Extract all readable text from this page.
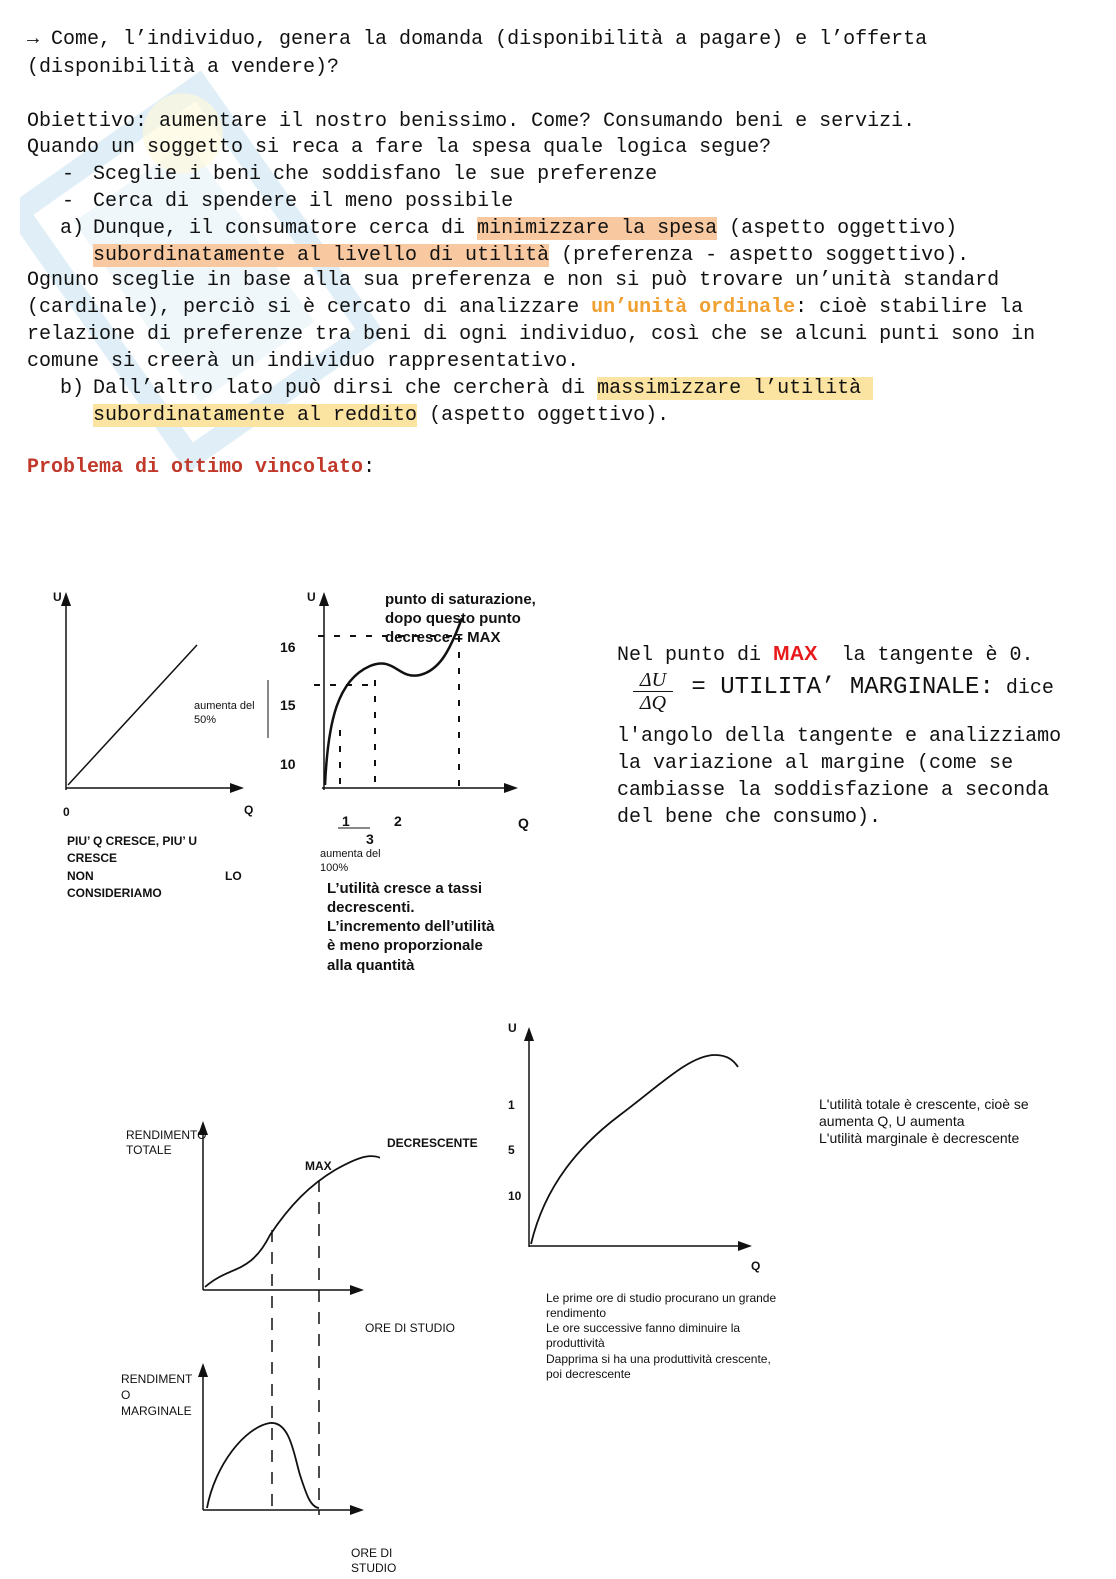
→ Come, l’individuo, genera la domanda (disponibilità a pagare) e l’offerta
(disponibilità a vendere)?
Obiettivo: aumentare il nostro benissimo. Come? Consumando beni e servizi.
Quando un soggetto si reca a fare la spesa quale logica segue?
- Sceglie i beni che soddisfano le sue preferenze
- Cerca di spendere il meno possibile
a) Dunque, il consumatore cerca di minimizzare la spesa (aspetto oggettivo)
subordinatamente al livello di utilità (preferenza - aspetto soggettivo).
Ognuno sceglie in base alla sua preferenza e non si può trovare un’unità standard
(cardinale), perciò si è cercato di analizzare un’unità ordinale: cioè stabilire la
relazione di preferenze tra beni di ogni individuo, così che se alcuni punti sono in
comune si creerà un individuo rappresentativo.
b) Dall’altro lato può dirsi che cercherà di massimizzare l’utilità
subordinatamente al reddito (aspetto oggettivo).
Problema di ottimo vincolato:
U
Q
0
aumenta del 50%
PIU’ Q CRESCE, PIU’ U
CRESCE
NON	LO
CONSIDERIAMO
U
Q
16
15
10
1	2
3
punto di saturazione,
dopo questo punto
decresce = MAX
aumenta del 100%
L’utilità cresce a tassi
decrescenti.
L’incremento dell’utilità
è meno proporzionale
alla quantità
Nel punto di MAX  la tangente è 0.
$\frac{\Delta U}{\Delta Q}$ = UTILITA’ MARGINALE: dice
l'angolo della tangente e analizziamo
la variazione al margine (come se
cambiasse la soddisfazione a seconda
del bene che consumo).
RENDIMENTO
TOTALE	DECRESCENTE
MAX
ORE DI STUDIO
RENDIMENT
O
MARGINALE
ORE DI
STUDIO
U
Q
1
5
10
Le prime ore di studio procurano un grande
rendimento
Le ore successive fanno diminuire la
produttività
Dapprima si ha una produttività crescente,
poi decrescente
L'utilità totale è crescente, cioè se
aumenta Q, U aumenta
L'utilità marginale è decrescente
